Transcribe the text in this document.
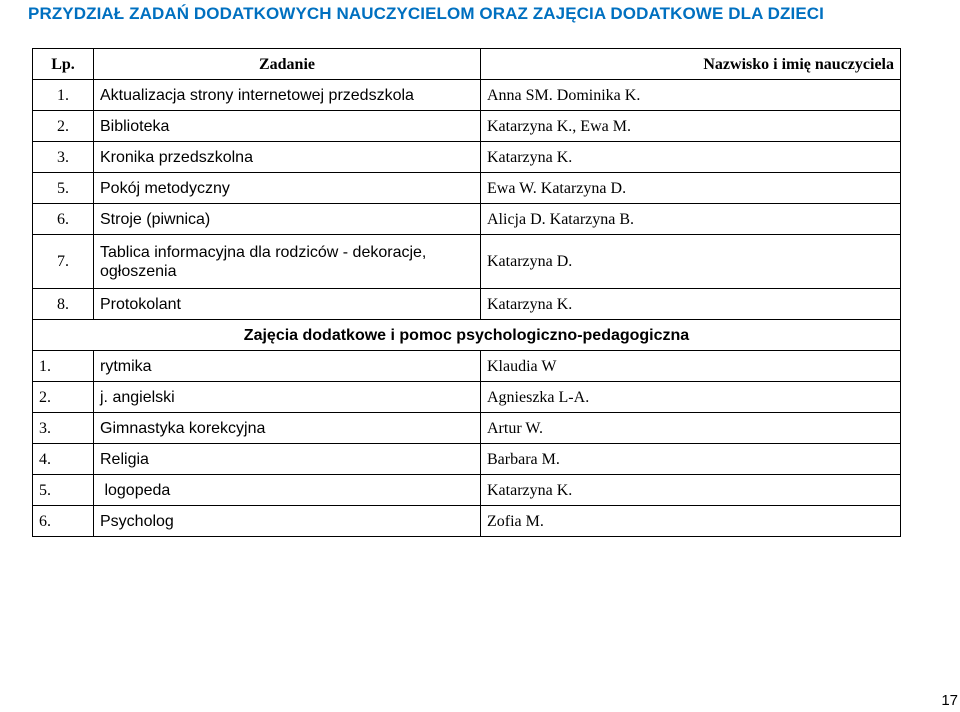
PRZYDZIAŁ ZADAŃ DODATKOWYCH NAUCZYCIELOM ORAZ ZAJĘCIA DODATKOWE DLA DZIECI
Lp.	Zadanie	Nazwisko i imię nauczyciela
1.	Aktualizacja strony internetowej przedszkola	Anna SM. Dominika K.
2.	Biblioteka	Katarzyna K., Ewa M.
3.	Kronika przedszkolna	Katarzyna K.
5.	Pokój metodyczny	Ewa W. Katarzyna D.
6.	Stroje (piwnica)	Alicja D. Katarzyna B.
7.	Tablica informacyjna dla rodziców - dekoracje, ogłoszenia	Katarzyna D.
8.	Protokolant	Katarzyna K.
Zajęcia dodatkowe i pomoc psychologiczno-pedagogiczna		
1.	rytmika	Klaudia W
2.	j. angielski	Agnieszka L-A.
3.	Gimnastyka korekcyjna	Artur W.
4.	Religia	Barbara M.
5.	logopeda	Katarzyna K.
6.	Psycholog	Zofia M.
17
